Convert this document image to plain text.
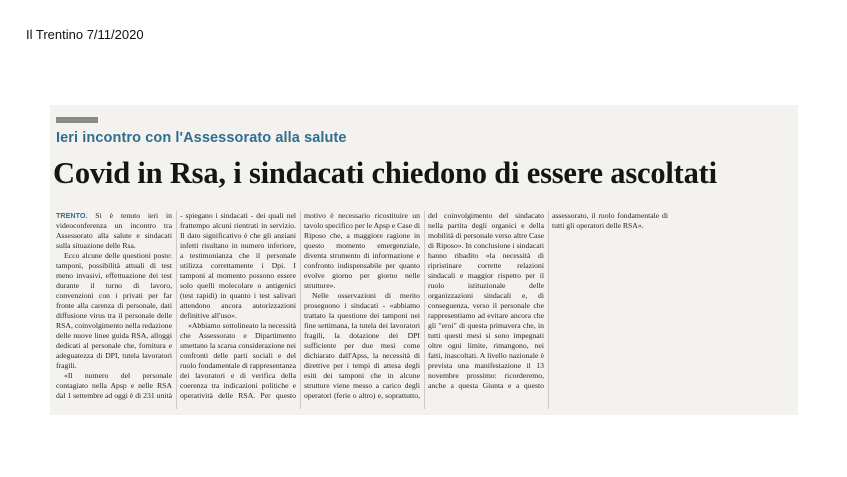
Il Trentino 7/11/2020
Ieri incontro con l'Assessorato alla salute
Covid in Rsa, i sindacati chiedono di essere ascoltati

TRENTO. Si è tenuto ieri in videoconferenza un incontro tra Assessorato alla salute e sindacati sulla situazione delle Rsa.

Ecco alcune delle questioni poste: tamponi, possibilità attuali di test meno invasivi, effettuazione dei test durante il turno di lavoro, convenzioni con i privati per far fronte alla carenza di personale, dati diffusione virus tra il personale delle RSA, coinvolgimento nella redazione delle nuove linee guida RSA, alloggi dedicati al personale che, fornitura e adeguatezza di DPI, tutela lavoratori fragili.

«Il numero del personale contagiato nella Apsp e nelle RSA dal 1 settembre ad oggi è di 231 unità - spiegano i sindacati - dei quali nel frattempo alcuni rientrati in servizio. Il dato significativo è che gli anziani infetti risultano in numero inferiore, a testimonianza che il personale utilizza correttamente i Dpi. I tamponi al momento possono essere solo quelli molecolare o antigenici (test rapidi) in quanto i test salivari attendono ancora autorizzazioni definitive all'uso».

«Abbiamo sottolineato la necessità che Assessorato e Dipartimento smettano la scarsa considerazione nei confronti delle parti sociali e del ruolo fondamentale di rappresentanza dei lavoratori e di verifica della coerenza tra indicazioni politiche e operatività delle RSA. Per questo motivo è necessario ricostituire un tavolo specifico per le Apsp e Case di Riposo che, a maggiore ragione in questo momento emergenziale, diventa strumento di informazione e confronto indispensabile per quanto evolve giorno per giorno nelle strutture».

Nelle osservazioni di merito proseguono i sindacati - «abbiamo trattato la questione dei tamponi nei fine settimana, la tutela dei lavoratori fragili, la dotazione dei DPI sufficiente per due mesi come dichiarato dall'Apss, la necessità di direttive per i tempi di attesa degli esiti dei tamponi che in alcune strutture viene messo a carico degli operatori (ferie o altro) e, soprattutto, del coinvolgimento del sindacato nella partita degli organici e della mobilità di personale verso altre Case di Riposo». In conclusione i sindacati hanno ribadito «la necessità di ripristinare corrette relazioni sindacali e maggior rispetto per il ruolo istituzionale delle organizzazioni sindacali e, di conseguenza, verso il personale che rappresentiamo ad evitare ancora che gli "eroi" di questa primavera che, in tutti questi mesi si sono impegnati oltre ogni limite, rimangono, nei fatti, inascoltati. A livello nazionale è prevista una manifestazione il 13 novembre prossimo: ricorderemo, anche a questa Giunta e a questo assessorato, il ruolo fondamentale di tutti gli operatori delle RSA».
